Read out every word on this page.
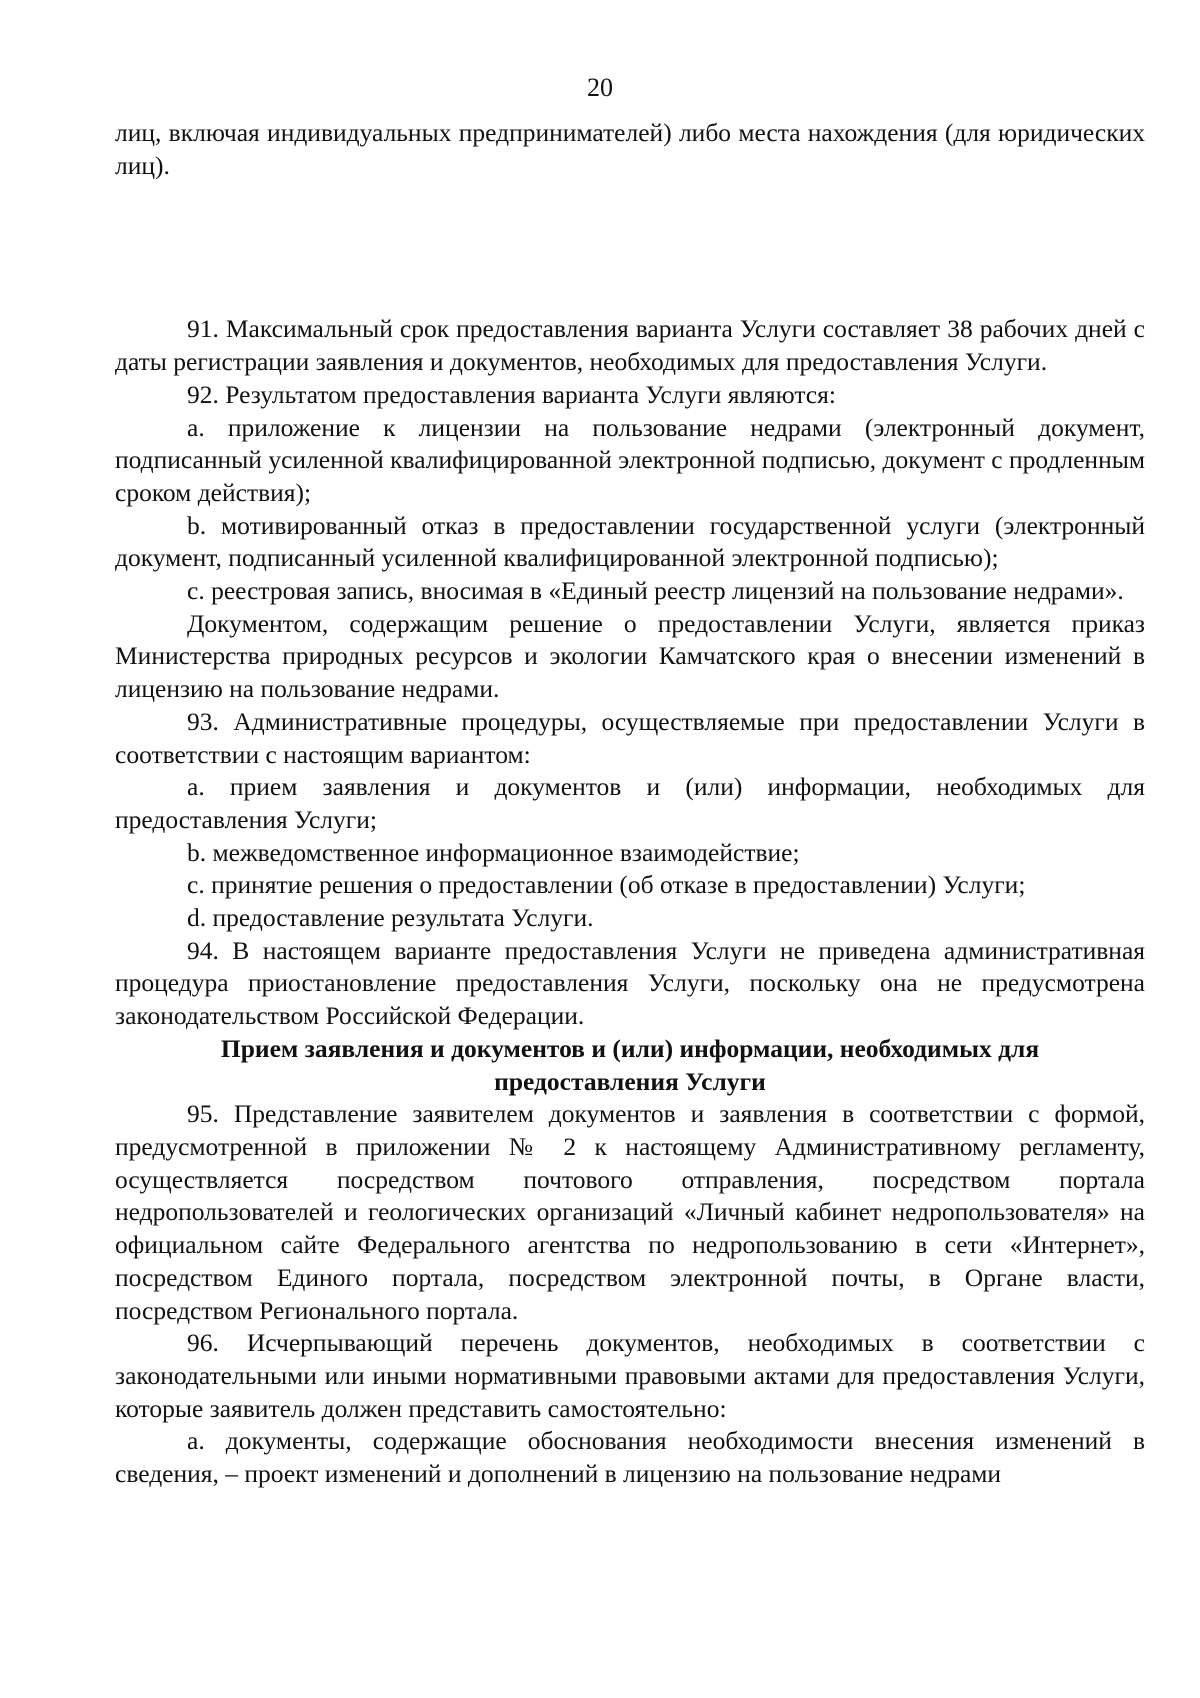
20

лиц, включая индивидуальных предпринимателей) либо места нахождения (для юридических лиц).

91. Максимальный срок предоставления варианта Услуги составляет 38 рабочих дней с даты регистрации заявления и документов, необходимых для предоставления Услуги.

92. Результатом предоставления варианта Услуги являются:

a. приложение к лицензии на пользование недрами (электронный документ, подписанный усиленной квалифицированной электронной подписью, документ с продленным сроком действия);

b. мотивированный отказ в предоставлении государственной услуги (электронный документ, подписанный усиленной квалифицированной электронной подписью);

c. реестровая запись, вносимая в «Единый реестр лицензий на пользование недрами».

Документом, содержащим решение о предоставлении Услуги, является приказ Министерства природных ресурсов и экологии Камчатского края о внесении изменений в лицензию на пользование недрами.

93. Административные процедуры, осуществляемые при предоставлении Услуги в соответствии с настоящим вариантом:

a. прием заявления и документов и (или) информации, необходимых для предоставления Услуги;

b. межведомственное информационное взаимодействие;

c. принятие решения о предоставлении (об отказе в предоставлении) Услуги;

d. предоставление результата Услуги.

94. В настоящем варианте предоставления Услуги не приведена административная процедура приостановление предоставления Услуги, поскольку она не предусмотрена законодательством Российской Федерации.

Прием заявления и документов и (или) информации, необходимых для
предоставления Услуги

95. Представление заявителем документов и заявления в соответствии с формой, предусмотренной в приложении № 2 к настоящему Административному регламенту, осуществляется посредством почтового отправления, посредством портала недропользователей и геологических организаций «Личный кабинет недропользователя» на официальном сайте Федерального агентства по недропользованию в сети «Интернет», посредством Единого портала, посредством электронной почты, в Органе власти, посредством Регионального портала.

96. Исчерпывающий перечень документов, необходимых в соответствии с законодательными или иными нормативными правовыми актами для предоставления Услуги, которые заявитель должен представить самостоятельно:

a. документы, содержащие обоснования необходимости внесения изменений в сведения, – проект изменений и дополнений в лицензию на пользование недрами
